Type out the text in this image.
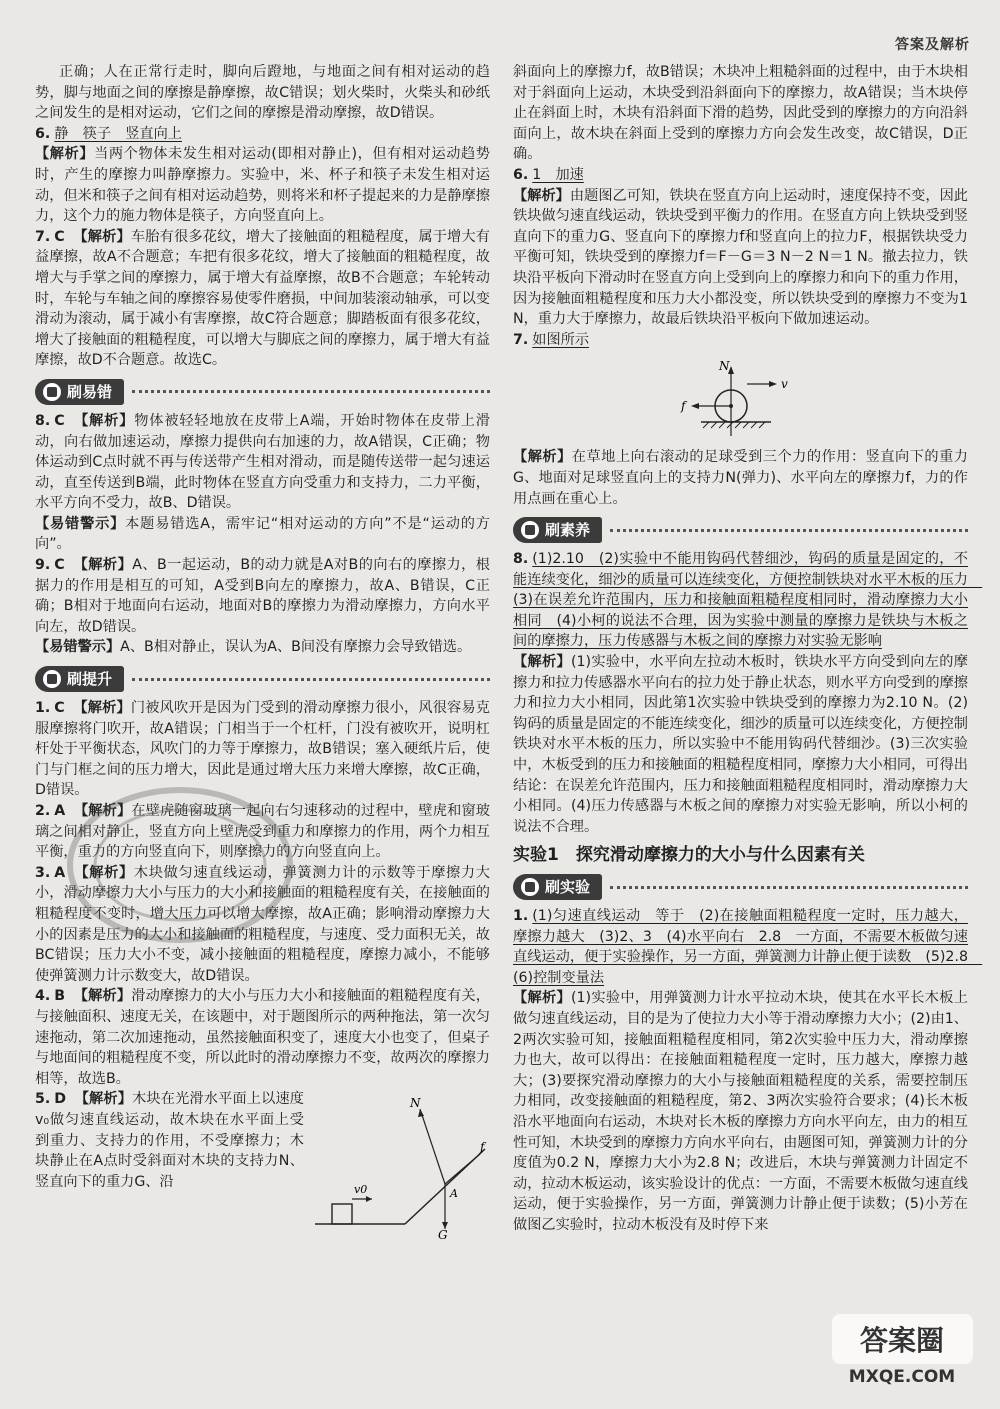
答案及解析

正确；人在正常行走时，脚向后蹬地，与地面之间有相对运动的趋势，脚与地面之间的摩擦是静摩擦，故C错误；划火柴时，火柴头和砂纸之间发生的是相对运动，它们之间的摩擦是滑动摩擦，故D错误。

6. 静　筷子　竖直向上
【解析】当两个物体未发生相对运动(即相对静止)，但有相对运动趋势时，产生的摩擦力叫静摩擦力。实验中，米、杯子和筷子未发生相对运动，但米和筷子之间有相对运动趋势，则将米和杯子提起来的力是静摩擦力，这个力的施力物体是筷子，方向竖直向上。

7. C 【解析】车胎有很多花纹，增大了接触面的粗糙程度，属于增大有益摩擦，故A不合题意；车把有很多花纹，增大了接触面的粗糙程度，故增大与手掌之间的摩擦力，属于增大有益摩擦，故B不合题意；车轮转动时，车轮与车轴之间的摩擦容易使零件磨损，中间加装滚动轴承，可以变滑动为滚动，属于减小有害摩擦，故C符合题意；脚踏板面有很多花纹，增大了接触面的粗糙程度，可以增大与脚底之间的摩擦力，属于增大有益摩擦，故D不合题意。故选C。

刷易错

8. C 【解析】物体被轻轻地放在皮带上A端，开始时物体在皮带上滑动，向右做加速运动，摩擦力提供向右加速的力，故A错误，C正确；物体运动到C点时就不再与传送带产生相对滑动，而是随传送带一起匀速运动，直至传送到B端，此时物体在竖直方向受重力和支持力，二力平衡，水平方向不受力，故B、D错误。
【易错警示】本题易错选A，需牢记“相对运动的方向”不是“运动的方向”。

9. C 【解析】A、B一起运动，B的动力就是A对B的向右的摩擦力，根据力的作用是相互的可知，A受到B向左的摩擦力，故A、B错误，C正确；B相对于地面向右运动，地面对B的摩擦力为滑动摩擦力，方向水平向左，故D错误。
【易错警示】A、B相对静止，误认为A、B间没有摩擦力会导致错选。

刷提升

1. C 【解析】门被风吹开是因为门受到的滑动摩擦力很小，风很容易克服摩擦将门吹开，故A错误；门相当于一个杠杆，门没有被吹开，说明杠杆处于平衡状态，风吹门的力等于摩擦力，故B错误；塞入硬纸片后，使门与门框之间的压力增大，因此是通过增大压力来增大摩擦，故C正确，D错误。

2. A 【解析】在壁虎随窗玻璃一起向右匀速移动的过程中，壁虎和窗玻璃之间相对静止，竖直方向上壁虎受到重力和摩擦力的作用，两个力相互平衡，重力的方向竖直向下，则摩擦力的方向竖直向上。

3. A 【解析】木块做匀速直线运动，弹簧测力计的示数等于摩擦力大小，滑动摩擦力大小与压力的大小和接触面的粗糙程度有关，在接触面的粗糙程度不变时，增大压力可以增大摩擦，故A正确；影响滑动摩擦力大小的因素是压力的大小和接触面的粗糙程度，与速度、受力面积无关，故BC错误；压力大小不变，减小接触面的粗糙程度，摩擦力减小，不能够使弹簧测力计示数变大，故D错误。

4. B 【解析】滑动摩擦力的大小与压力大小和接触面的粗糙程度有关，与接触面积、速度无关，在该题中，对于题图所示的两种拖法，第一次匀速拖动，第二次加速拖动，虽然接触面积变了，速度大小也变了，但桌子与地面间的粗糙程度不变，所以此时的滑动摩擦力不变，故两次的摩擦力相等，故选B。

v0
N
f
G
A
5. D 【解析】木块在光滑水平面上以速度v₀做匀速直线运动，故木块在水平面上受到重力、支持力的作用，不受摩擦力；木块静止在A点时受斜面对木块的支持力N、竖直向下的重力G、沿

斜面向上的摩擦力f，故B错误；木块冲上粗糙斜面的过程中，由于木块相对于斜面向上运动，木块受到沿斜面向下的摩擦力，故A错误；当木块停止在斜面上时，木块有沿斜面下滑的趋势，因此受到的摩擦力的方向沿斜面向上，故木块在斜面上受到的摩擦力方向会发生改变，故C错误，D正确。

6. 1　加速
【解析】由题图乙可知，铁块在竖直方向上运动时，速度保持不变，因此铁块做匀速直线运动，铁块受到平衡力的作用。在竖直方向上铁块受到竖直向下的重力G、竖直向下的摩擦力f和竖直向上的拉力F，根据铁块受力平衡可知，铁块受到的摩擦力f＝F－G＝3 N－2 N＝1 N。撤去拉力，铁块沿平板向下滑动时在竖直方向上受到向上的摩擦力和向下的重力作用，因为接触面粗糙程度和压力大小都没变，所以铁块受到的摩擦力不变为1 N，重力大于摩擦力，故最后铁块沿平板向下做加速运动。

7. 如图所示

N
f
v

【解析】在草地上向右滚动的足球受到三个力的作用：竖直向下的重力G、地面对足球竖直向上的支持力N(弹力)、水平向左的摩擦力f，力的作用点画在重心上。

刷素养

8. (1)2.10　(2)实验中不能用钩码代替细沙，钩码的质量是固定的，不能连续变化，细沙的质量可以连续变化，方便控制铁块对水平木板的压力　(3)在误差允许范围内，压力和接触面粗糙程度相同时，滑动摩擦力大小相同　(4)小柯的说法不合理，因为实验中测量的摩擦力是铁块与木板之间的摩擦力，压力传感器与木板之间的摩擦力对实验无影响
【解析】(1)实验中，水平向左拉动木板时，铁块水平方向受到向左的摩擦力和拉力传感器水平向右的拉力处于静止状态，则水平方向受到的摩擦力和拉力大小相同，因此第1次实验中铁块受到的摩擦力为2.10 N。(2)钩码的质量是固定的不能连续变化，细沙的质量可以连续变化，方便控制铁块对水平木板的压力，所以实验中不能用钩码代替细沙。(3)三次实验中，木板受到的压力和接触面的粗糙程度相同，摩擦力大小相同，可得出结论：在误差允许范围内，压力和接触面粗糙程度相同时，滑动摩擦力大小相同。(4)压力传感器与木板之间的摩擦力对实验无影响，所以小柯的说法不合理。

实验1　探究滑动摩擦力的大小与什么因素有关
刷实验

1. (1)匀速直线运动　等于　(2)在接触面粗糙程度一定时，压力越大，摩擦力越大　(3)2、3　(4)水平向右　2.8　一方面，不需要木板做匀速直线运动，便于实验操作，另一方面，弹簧测力计静止便于读数　(5)2.8　(6)控制变量法
【解析】(1)实验中，用弹簧测力计水平拉动木块，使其在水平长木板上做匀速直线运动，目的是为了使拉力大小等于滑动摩擦力大小；(2)由1、2两次实验可知，接触面粗糙程度相同，第2次实验中压力大，滑动摩擦力也大，故可以得出：在接触面粗糙程度一定时，压力越大，摩擦力越大；(3)要探究滑动摩擦力的大小与接触面粗糙程度的关系，需要控制压力相同，改变接触面的粗糙程度，第2、3两次实验符合要求；(4)长木板沿水平地面向右运动，木块对长木板的摩擦力方向水平向左，由力的相互性可知，木块受到的摩擦力方向水平向右，由题图可知，弹簧测力计的分度值为0.2 N，摩擦力大小为2.8 N；改进后，木块与弹簧测力计固定不动，拉动木板运动，该实验设计的优点：一方面，不需要木板做匀速直线运动，便于实验操作，另一方面，弹簧测力计静止便于读数；(5)小芳在做图乙实验时，拉动木板没有及时停下来

答案圈
MXQE.COM
